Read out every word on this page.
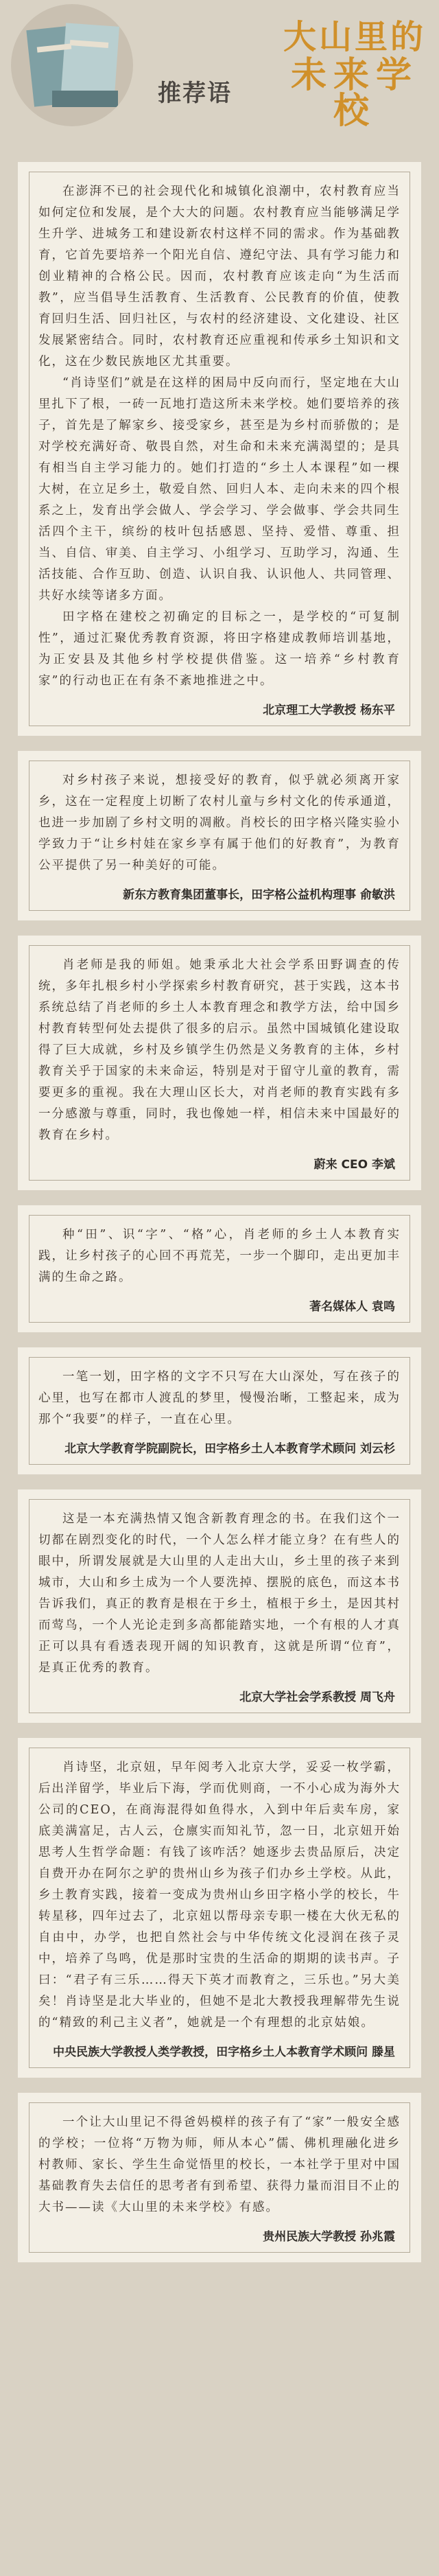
推荐语
大山里的
未来学校

在澎湃不已的社会现代化和城镇化浪潮中，农村教育应当如何定位和发展，是个大大的问题。农村教育应当能够满足学生升学、进城务工和建设新农村这样不同的需求。作为基础教育，它首先要培养一个阳光自信、遵纪守法、具有学习能力和创业精神的合格公民。因而，农村教育应该走向“为生活而教”，应当倡导生活教育、生活教育、公民教育的价值，使教育回归生活、回归社区，与农村的经济建设、文化建设、社区发展紧密结合。同时，农村教育还应重视和传承乡土知识和文化，这在少数民族地区尤其重要。

“肖诗坚们”就是在这样的困局中反向而行，坚定地在大山里扎下了根，一砖一瓦地打造这所未来学校。她们要培养的孩子，首先是了解家乡、接受家乡，甚至是为乡村而骄傲的；是对学校充满好奇、敬畏自然，对生命和未来充满渴望的；是具有相当自主学习能力的。她们打造的“乡土人本课程”如一棵大树，在立足乡土，敬爱自然、回归人本、走向未来的四个根系之上，发育出学会做人、学会学习、学会做事、学会共同生活四个主干，缤纷的枝叶包括感恩、坚持、爱惜、尊重、担当、自信、审美、自主学习、小组学习、互助学习，沟通、生活技能、合作互助、创造、认识自我、认识他人、共同管理、共好水续等诸多方面。

田字格在建校之初确定的目标之一，是学校的“可复制性”，通过汇聚优秀教育资源，将田字格建成教师培训基地，为正安县及其他乡村学校提供借鉴。这一培养“乡村教育家”的行动也正在有条不紊地推进之中。

北京理工大学教授 杨东平

对乡村孩子来说，想接受好的教育，似乎就必须离开家乡，这在一定程度上切断了农村儿童与乡村文化的传承通道，也进一步加剧了乡村文明的凋敝。肖校长的田字格兴隆实验小学致力于“让乡村娃在家乡享有属于他们的好教育”，为教育公平提供了另一种美好的可能。

新东方教育集团董事长，田字格公益机构理事 俞敏洪

肖老师是我的师姐。她秉承北大社会学系田野调查的传统，多年扎根乡村小学探索乡村教育研究，甚于实践，这本书系统总结了肖老师的乡土人本教育理念和教学方法，给中国乡村教育转型何处去提供了很多的启示。虽然中国城镇化建设取得了巨大成就，乡村及乡镇学生仍然是义务教育的主体，乡村教育关乎于国家的未来命运，特别是对于留守儿童的教育，需要更多的重视。我在大理山区长大，对肖老师的教育实践有多一分感激与尊重，同时，我也像她一样，相信未来中国最好的教育在乡村。

蔚来 CEO 李斌

种“田”、识“字”、“格”心，肖老师的乡土人本教育实践，让乡村孩子的心回不再荒芜，一步一个脚印，走出更加丰满的生命之路。

著名媒体人 袁鸣

一笔一划，田字格的文字不只写在大山深处，写在孩子的心里，也写在都市人渡乱的梦里，慢慢治晰，工整起来，成为那个“我要”的样子，一直在心里。

北京大学教育学院副院长，田字格乡土人本教育学术顾问 刘云杉

这是一本充满热情又饱含新教育理念的书。在我们这个一切都在剧烈变化的时代，一个人怎么样才能立身？在有些人的眼中，所谓发展就是大山里的人走出大山，乡土里的孩子来到城市，大山和乡土成为一个人要洗掉、摆脱的底色，而这本书告诉我们，真正的教育是根在于乡土，植根于乡土，是因其村而莺鸟，一个人光论走到多高都能踏实地，一个有根的人才真正可以具有看透表现开阔的知识教育，这就是所谓“位育”，是真正优秀的教育。

北京大学社会学系教授 周飞舟

肖诗坚，北京妞，早年阅考入北京大学，妥妥一枚学霸，后出洋留学，毕业后下海，学而优则商，一不小心成为海外大公司的CEO，在商海混得如鱼得水，入到中年后卖车房，家底美满富足，古人云，仓廪实而知礼节，忽一日，北京妞开始思考人生哲学命题：有钱了该咋活？她逐步去贵品原后，决定自费开办在阿尔之驴的贵州山乡为孩子们办乡土学校。从此，乡土教育实践，接着一变成为贵州山乡田字格小学的校长，牛转星移，四年过去了，北京妞以帮母亲专职一楼在大伙无私的自由中，办学，也把自然社会与中华传统文化浸润在孩子灵中，培养了鸟鸣，优是那时宝贵的生活命的期期的读书声。子曰：“君子有三乐……得天下英才而教育之，三乐也。”另大美矣！肖诗坚是北大毕业的，但她不是北大教授我理解带先生说的“精致的利己主义者”，她就是一个有理想的北京姑娘。

中央民族大学教授人类学教授，田字格乡土人本教育学术顾问 滕星

一个让大山里记不得爸妈模样的孩子有了“家”一般安全感的学校；一位将“万物为师，师从本心”儒、佛机理融化进乡村教师、家长、学生生命觉悟里的校长，一本社学于里对中国基础教育失去信任的思考者有到希望、获得力量而泪目不止的大书——读《大山里的未来学校》有感。

贵州民族大学教授 孙兆霞
